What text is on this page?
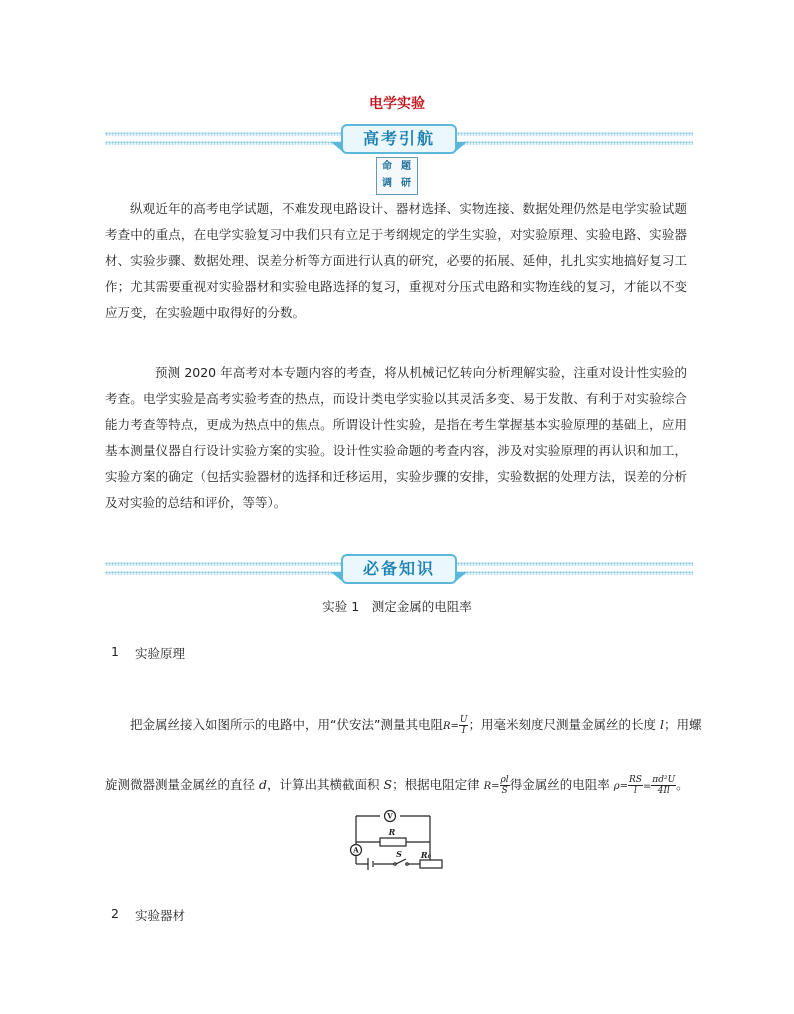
电学实验
高考引航
命 题
调 研
纵观近年的高考电学试题，不难发现电路设计、器材选择、实物连接、数据处理仍然是电学实验试题考查中的重点，在电学实验复习中我们只有立足于考纲规定的学生实验，对实验原理、实验电路、实验器材、实验步骤、数据处理、误差分析等方面进行认真的研究，必要的拓展、延伸，扎扎实实地搞好复习工作；尤其需要重视对实验器材和实验电路选择的复习，重视对分压式电路和实物连线的复习，才能以不变应万变，在实验题中取得好的分数。
预测 2020 年高考对本专题内容的考查，将从机械记忆转向分析理解实验，注重对设计性实验的考查。电学实验是高考实验考查的热点，而设计类电学实验以其灵活多变、易于发散、有利于对实验综合能力考查等特点，更成为热点中的焦点。所谓设计性实验，是指在考生掌握基本实验原理的基础上，应用基本测量仪器自行设计实验方案的实验。设计性实验命题的考查内容，涉及对实验原理的再认识和加工，实验方案的确定（包括实验器材的选择和迁移运用，实验步骤的安排，实验数据的处理方法，误差的分析及对实验的总结和评价，等等）。
必备知识
实验 1　测定金属的电阻率
1 实验原理
把金属丝接入如图所示的电路中，用“伏安法”测量其电阻$R= \frac{U}{I}$ ；用毫米刻度尺测量金属丝的长度 l；用螺
旋测微器测量金属丝的直径 d，计算出其横截面积 S；根据电阻定律 $R= \frac{\rho l}{S}$ 得金属丝的电阻率 $\rho= \frac{RS}{l} = \frac{\text{πd²U}}{4Il}$ 。
V
A
R
S R₀
2 实验器材
